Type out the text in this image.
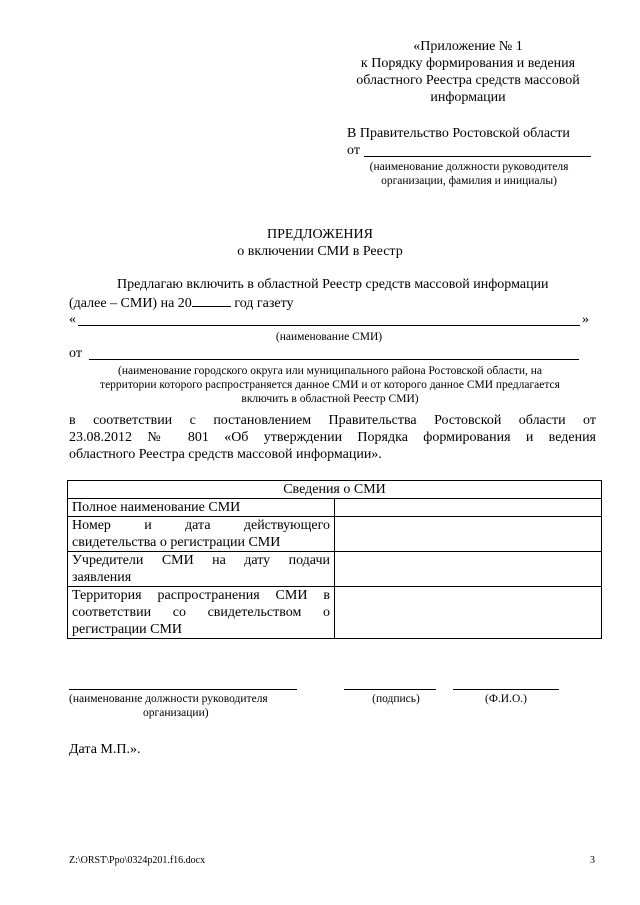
«Приложение № 1
к Порядку формирования и ведения
областного Реестра средств массовой
информации
В Правительство Ростовской области
от
(наименование должности руководителя
организации, фамилия и инициалы)
ПРЕДЛОЖЕНИЯ
о включении СМИ в Реестр
Предлагаю включить в областной Реестр средств массовой информации
(далее – СМИ) на 20	год газету
«	»
(наименование СМИ)
от
(наименование городского округа или муниципального района Ростовской области, на
территории которого распространяется данное СМИ и от которого данное СМИ предлагается
включить в областной Реестр СМИ)
в соответствии с постановлением Правительства Ростовской области от
23.08.2012 № 801 «Об утверждении Порядка формирования и ведения
областного Реестра средств массовой информации».
Сведения о СМИ	

Полное наименование СМИ	

Номер и дата действующего
свидетельства о регистрации СМИ	

Учредители СМИ на дату подачи
заявления	

Территория распространения СМИ в
соответствии со свидетельством о
регистрации СМИ	

(наименование должности руководителя
организации)
(подпись)	(Ф.И.О.)
Дата М.П.».
Z:\ORST\Ppo\0324p201.f16.docx	3
